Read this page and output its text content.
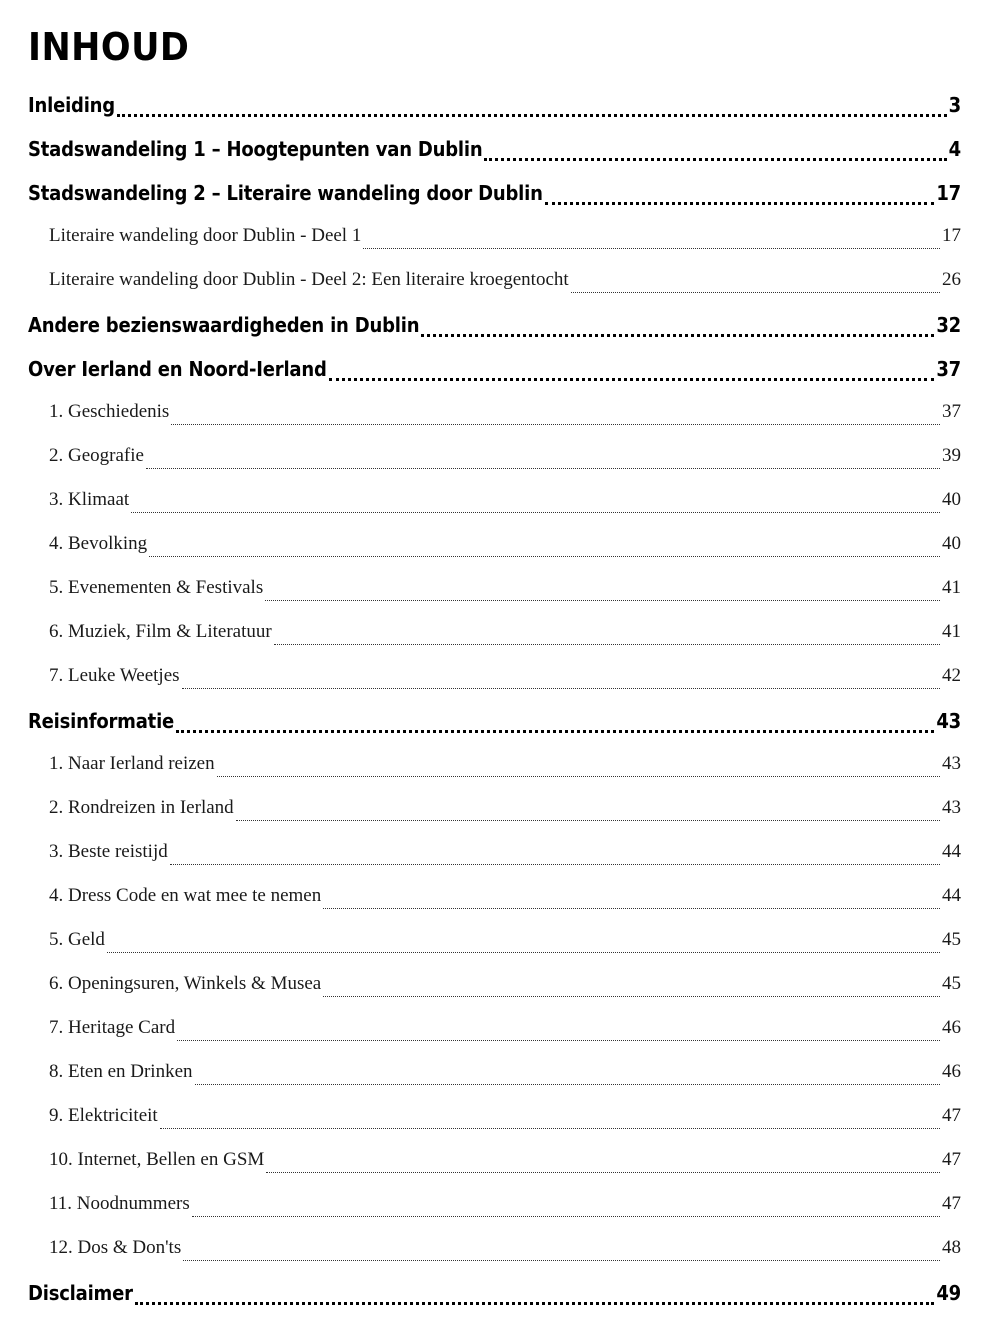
INHOUD
Inleiding	3
Stadswandeling 1 – Hoogtepunten van Dublin	4
Stadswandeling 2 – Literaire wandeling door Dublin	17
Literaire wandeling door Dublin - Deel 1	17
Literaire wandeling door Dublin - Deel 2: Een literaire kroegentocht	26
Andere bezienswaardigheden in Dublin	32
Over Ierland en Noord-Ierland	37
1. Geschiedenis	37
2. Geografie	39
3. Klimaat	40
4. Bevolking	40
5. Evenementen & Festivals	41
6. Muziek, Film & Literatuur	41
7. Leuke Weetjes	42
Reisinformatie	43
1. Naar Ierland reizen	43
2. Rondreizen in Ierland	43
3. Beste reistijd	44
4. Dress Code en wat mee te nemen	44
5. Geld	45
6. Openingsuren, Winkels & Musea	45
7. Heritage Card	46
8. Eten en Drinken	46
9. Elektriciteit	47
10. Internet, Bellen en GSM	47
11. Noodnummers	47
12. Dos & Don'ts	48
Disclaimer	49
